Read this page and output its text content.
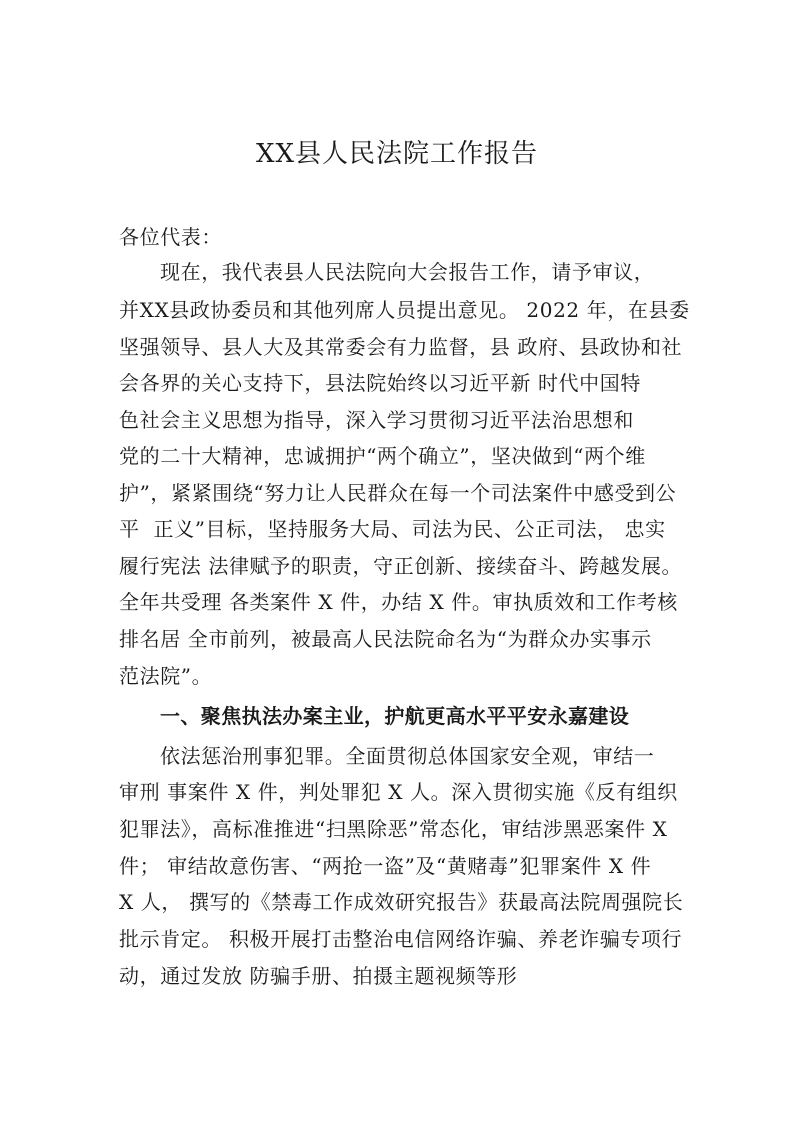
XX县人民法院工作报告

各位代表：

现在，我代表县人民法院向大会报告工作，请予审议，

并XX县政协委员和其他列席人员提出意见。 2022 年，在县委

坚强领导、县人大及其常委会有力监督，县 政府、县政协和社

会各界的关心支持下，县法院始终以习近平新 时代中国特

色社会主义思想为指导，深入学习贯彻习近平法治思想和

党的二十大精神，忠诚拥护“两个确立”，坚决做到“两个维

护”，紧紧围绕“努力让人民群众在每一个司法案件中感受到公

平  正义”目标，坚持服务大局、司法为民、公正司法， 忠实

履行宪法 法律赋予的职责，守正创新、接续奋斗、跨越发展。

全年共受理 各类案件 X 件，办结 X 件。审执质效和工作考核

排名居 全市前列，被最高人民法院命名为“为群众办实事示

范法院”。

一、聚焦执法办案主业，护航更高水平平安永嘉建设

依法惩治刑事犯罪。全面贯彻总体国家安全观，审结一

审刑 事案件 X 件，判处罪犯 X 人。深入贯彻实施《反有组织

犯罪法》，高标准推进“扫黑除恶”常态化，审结涉黑恶案件 X

件； 审结故意伤害、“两抢一盗”及“黄赌毒”犯罪案件 X 件

X 人， 撰写的《禁毒工作成效研究报告》获最高法院周强院长

批示肯定。 积极开展打击整治电信网络诈骗、养老诈骗专项行

动，通过发放 防骗手册、拍摄主题视频等形
